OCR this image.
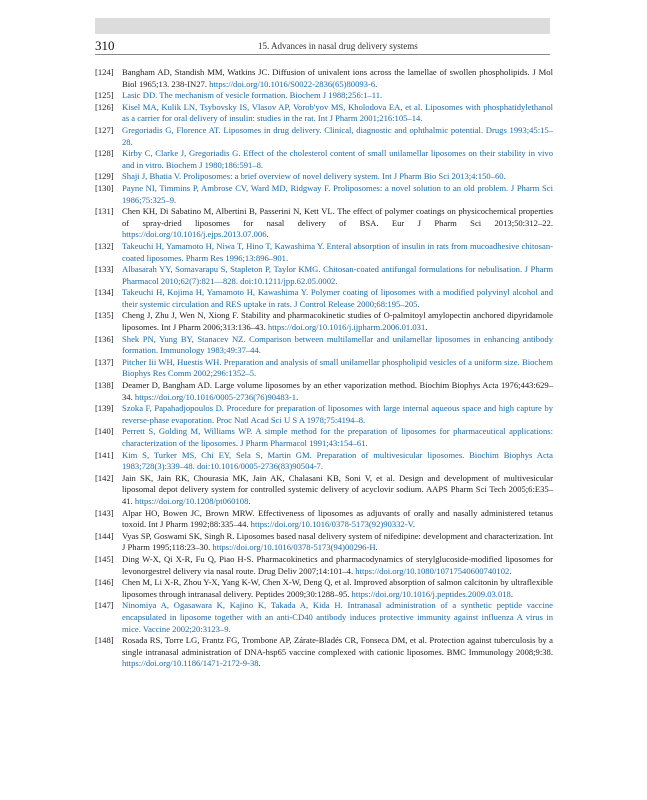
310	15. Advances in nasal drug delivery systems
[124] Bangham AD, Standish MM, Watkins JC. Diffusion of univalent ions across the lamellae of swollen phospholipids. J Mol Biol 1965;13. 238-IN27. https://doi.org/10.1016/S0022-2836(65)80093-6.
[125] Lasic DD. The mechanism of vesicle formation. Biochem J 1988;256:1–11.
[126] Kisel MA, Kulik LN, Tsybovsky IS, Vlasov AP, Vorob'yov MS, Kholodova EA, et al. Liposomes with phosphatidylethanol as a carrier for oral delivery of insulin: studies in the rat. Int J Pharm 2001;216:105–14.
[127] Gregoriadis G, Florence AT. Liposomes in drug delivery. Clinical, diagnostic and ophthalmic potential. Drugs 1993;45:15–28.
[128] Kirby C, Clarke J, Gregoriadis G. Effect of the cholesterol content of small unilamellar liposomes on their stability in vivo and in vitro. Biochem J 1980;186:591–8.
[129] Shaji J, Bhatia V. Proliposomes: a brief overview of novel delivery system. Int J Pharm Bio Sci 2013;4:150–60.
[130] Payne NI, Timmins P, Ambrose CV, Ward MD, Ridgway F. Proliposomes: a novel solution to an old problem. J Pharm Sci 1986;75:325–9.
[131] Chen KH, Di Sabatino M, Albertini B, Passerini N, Kett VL. The effect of polymer coatings on physicochemical properties of spray-dried liposomes for nasal delivery of BSA. Eur J Pharm Sci 2013;50:312–22. https://doi.org/10.1016/j.ejps.2013.07.006.
[132] Takeuchi H, Yamamoto H, Niwa T, Hino T, Kawashima Y. Enteral absorption of insulin in rats from mucoadhesive chitosan-coated liposomes. Pharm Res 1996;13:896–901.
[133] Albasarah YY, Somavarapu S, Stapleton P, Taylor KMG. Chitosan-coated antifungal formulations for nebulisation. J Pharm Pharmacol 2010;62(7):821—828. doi:10.1211/jpp.62.05.0002.
[134] Takeuchi H, Kojima H, Yamamoto H, Kawashima Y. Polymer coating of liposomes with a modified polyvinyl alcohol and their systemic circulation and RES uptake in rats. J Control Release 2000;68:195–205.
[135] Cheng J, Zhu J, Wen N, Xiong F. Stability and pharmacokinetic studies of O-palmitoyl amylopectin anchored dipyridamole liposomes. Int J Pharm 2006;313:136–43. https://doi.org/10.1016/j.ijpharm.2006.01.031.
[136] Shek PN, Yung BY, Stanacev NZ. Comparison between multilamellar and unilamellar liposomes in enhancing antibody formation. Immunology 1983;49:37–44.
[137] Pitcher Iii WH, Huestis WH. Preparation and analysis of small unilamellar phospholipid vesicles of a uniform size. Biochem Biophys Res Comm 2002;296:1352–5.
[138] Deamer D, Bangham AD. Large volume liposomes by an ether vaporization method. Biochim Biophys Acta 1976;443:629–34. https://doi.org/10.1016/0005-2736(76)90483-1.
[139] Szoka F, Papahadjopoulos D. Procedure for preparation of liposomes with large internal aqueous space and high capture by reverse-phase evaporation. Proc Natl Acad Sci U S A 1978;75:4194–8.
[140] Perrett S, Golding M, Williams WP. A simple method for the preparation of liposomes for pharmaceutical applications: characterization of the liposomes. J Pharm Pharmacol 1991;43:154–61.
[141] Kim S, Turker MS, Chi EY, Sela S, Martin GM. Preparation of multivesicular liposomes. Biochim Biophys Acta 1983;728(3):339–48. doi:10.1016/0005-2736(83)90504-7.
[142] Jain SK, Jain RK, Chourasia MK, Jain AK, Chalasani KB, Soni V, et al. Design and development of multivesicular liposomal depot delivery system for controlled systemic delivery of acyclovir sodium. AAPS Pharm Sci Tech 2005;6:E35–41. https://doi.org/10.1208/pt060108.
[143] Alpar HO, Bowen JC, Brown MRW. Effectiveness of liposomes as adjuvants of orally and nasally administered tetanus toxoid. Int J Pharm 1992;88:335–44. https://doi.org/10.1016/0378-5173(92)90332-V.
[144] Vyas SP, Goswami SK, Singh R. Liposomes based nasal delivery system of nifedipine: development and characterization. Int J Pharm 1995;118:23–30. https://doi.org/10.1016/0378-5173(94)00296-H.
[145] Ding W-X, Qi X-R, Fu Q, Piao H-S. Pharmacokinetics and pharmacodynamics of sterylglucoside-modified liposomes for levonorgestrel delivery via nasal route. Drug Deliv 2007;14:101–4. https://doi.org/10.1080/10717540600740102.
[146] Chen M, Li X-R, Zhou Y-X, Yang K-W, Chen X-W, Deng Q, et al. Improved absorption of salmon calcitonin by ultraflexible liposomes through intranasal delivery. Peptides 2009;30:1288–95. https://doi.org/10.1016/j.peptides.2009.03.018.
[147] Ninomiya A, Ogasawara K, Kajino K, Takada A, Kida H. Intranasal administration of a synthetic peptide vaccine encapsulated in liposome together with an anti-CD40 antibody induces protective immunity against influenza A virus in mice. Vaccine 2002;20:3123–9.
[148] Rosada RS, Torre LG, Frantz FG, Trombone AP, Zárate-Bladés CR, Fonseca DM, et al. Protection against tuberculosis by a single intranasal administration of DNA-hsp65 vaccine complexed with cationic liposomes. BMC Immunology 2008;9:38. https://doi.org/10.1186/1471-2172-9-38.
